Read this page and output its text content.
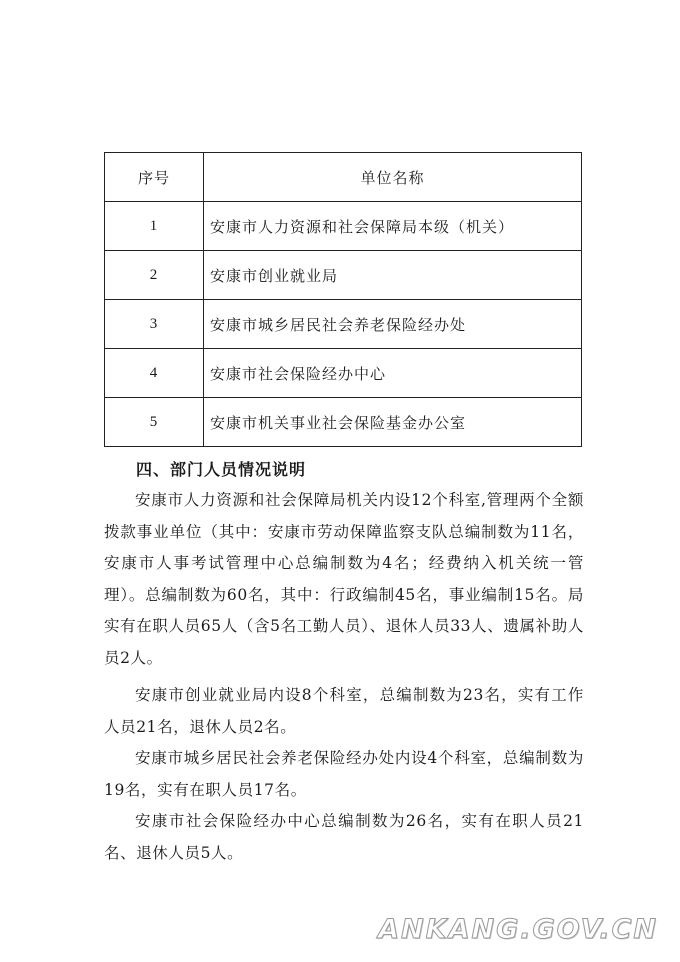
序号	单位名称
1	安康市人力资源和社会保障局本级（机关）
2	安康市创业就业局
3	安康市城乡居民社会养老保险经办处
4	安康市社会保险经办中心
5	安康市机关事业社会保险基金办公室
四、部门人员情况说明

安康市人力资源和社会保障局机关内设12个科室,管理两个全额拨款事业单位（其中：安康市劳动保障监察支队总编制数为11名，安康市人事考试管理中心总编制数为4名；经费纳入机关统一管理）。总编制数为60名，其中：行政编制45名，事业编制15名。局实有在职人员65人（含5名工勤人员）、退休人员33人、遗属补助人员2人。

安康市创业就业局内设8个科室，总编制数为23名，实有工作人员21名，退休人员2名。

安康市城乡居民社会养老保险经办处内设4个科室，总编制数为19名，实有在职人员17名。

安康市社会保险经办中心总编制数为26名，实有在职人员21名、退休人员5人。

ANKANG.GOV.CN
